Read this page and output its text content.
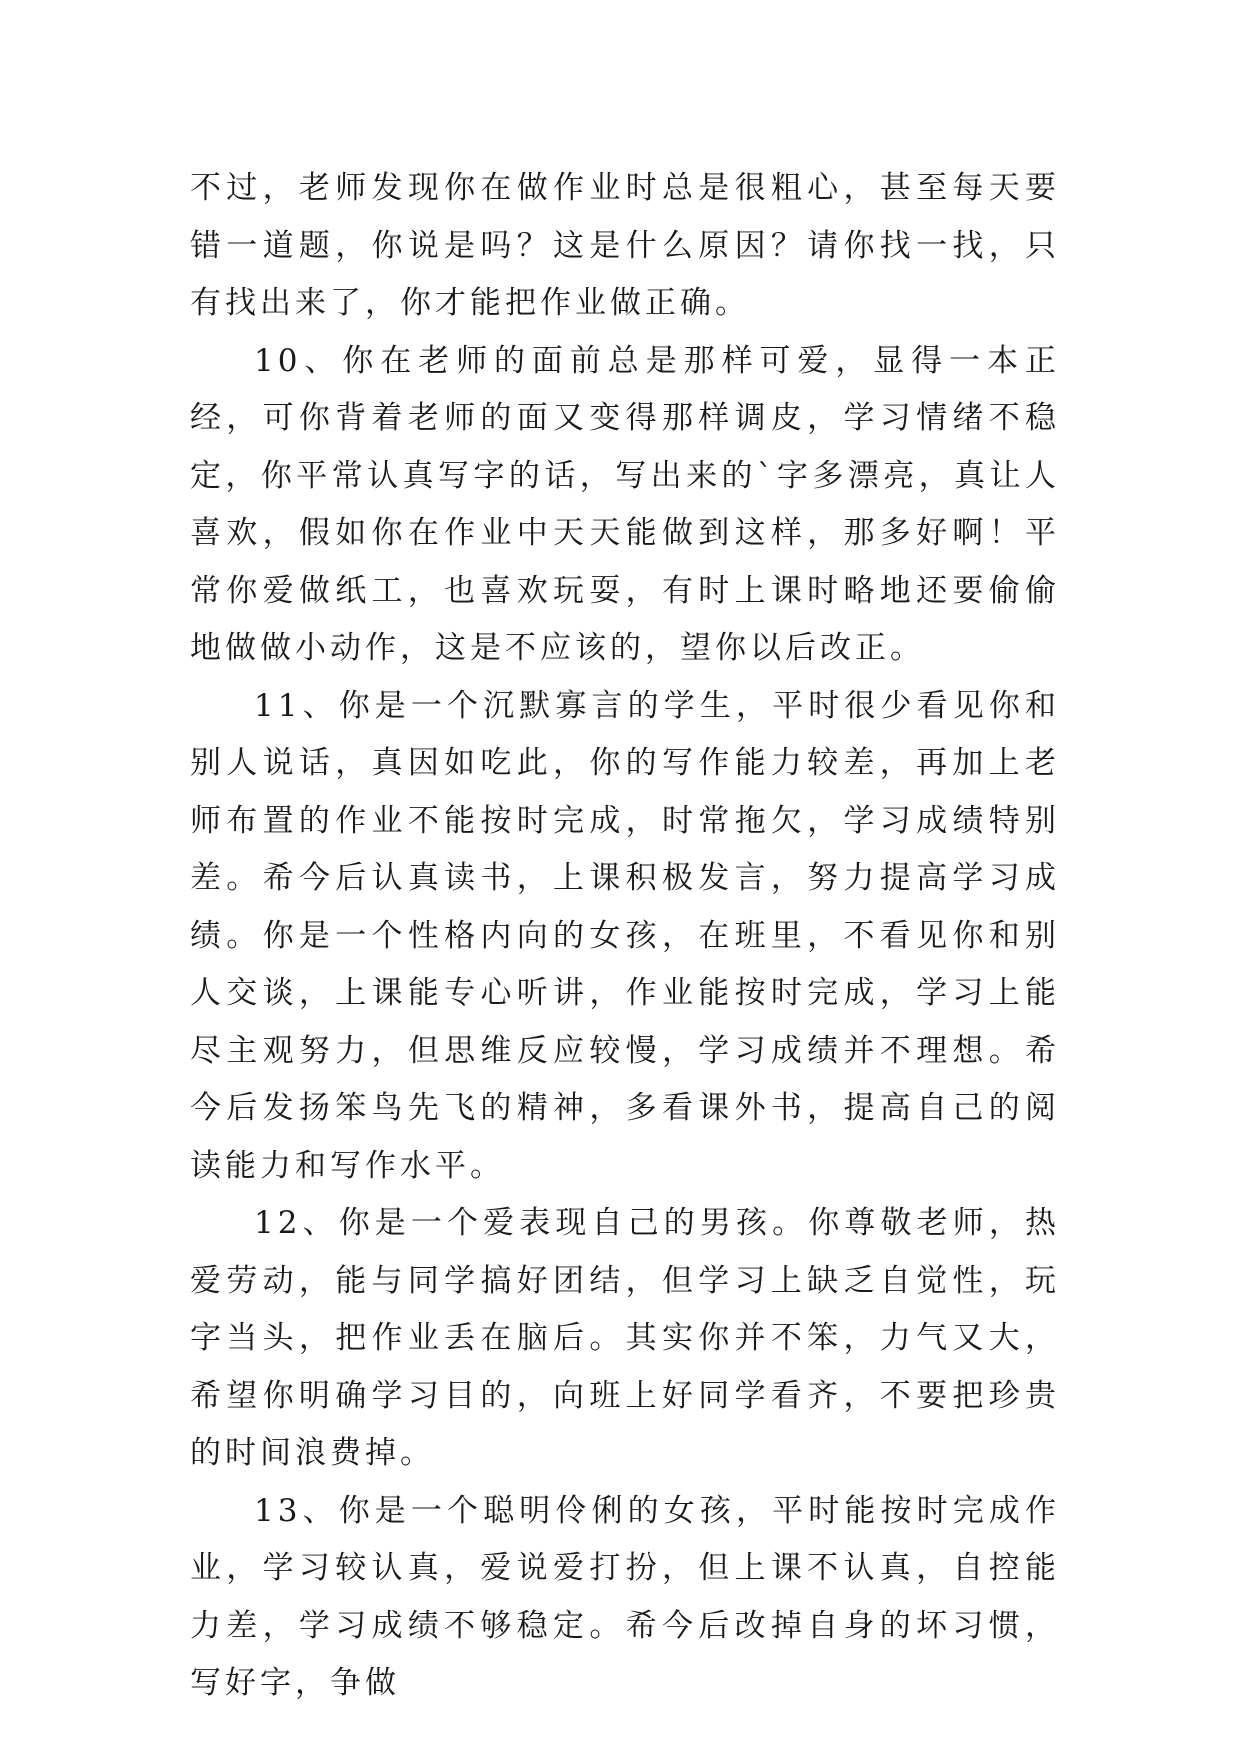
不过，老师发现你在做作业时总是很粗心，甚至每天要错一道题，你说是吗？这是什么原因？请你找一找，只有找出来了，你才能把作业做正确。

10、你在老师的面前总是那样可爱，显得一本正经，可你背着老师的面又变得那样调皮，学习情绪不稳定，你平常认真写字的话，写出来的`字多漂亮，真让人喜欢，假如你在作业中天天能做到这样，那多好啊！平常你爱做纸工，也喜欢玩耍，有时上课时略地还要偷偷地做做小动作，这是不应该的，望你以后改正。

11、你是一个沉默寡言的学生，平时很少看见你和别人说话，真因如吃此，你的写作能力较差，再加上老师布置的作业不能按时完成，时常拖欠，学习成绩特别差。希今后认真读书，上课积极发言，努力提高学习成绩。你是一个性格内向的女孩，在班里，不看见你和别人交谈，上课能专心听讲，作业能按时完成，学习上能尽主观努力，但思维反应较慢，学习成绩并不理想。希今后发扬笨鸟先飞的精神，多看课外书，提高自己的阅读能力和写作水平。

12、你是一个爱表现自己的男孩。你尊敬老师，热爱劳动，能与同学搞好团结，但学习上缺乏自觉性，玩字当头，把作业丢在脑后。其实你并不笨，力气又大，希望你明确学习目的，向班上好同学看齐，不要把珍贵的时间浪费掉。

13、你是一个聪明伶俐的女孩，平时能按时完成作业，学习较认真，爱说爱打扮，但上课不认真，自控能力差，学习成绩不够稳定。希今后改掉自身的坏习惯，写好字，争做
